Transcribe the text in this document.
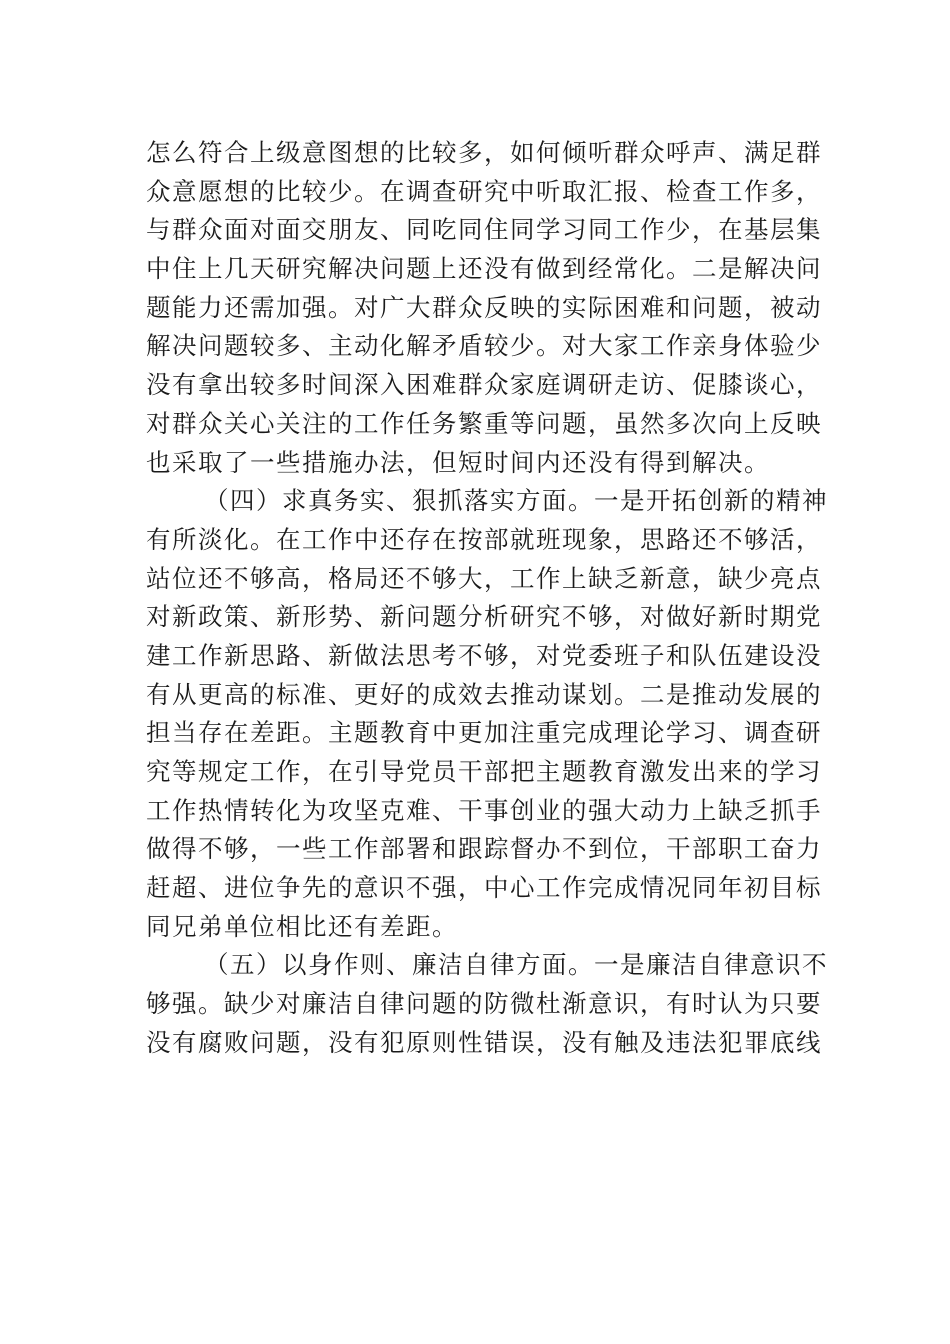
怎么符合上级意图想的比较多，如何倾听群众呼声、满足群
众意愿想的比较少。在调查研究中听取汇报、检查工作多，
与群众面对面交朋友、同吃同住同学习同工作少，在基层集
中住上几天研究解决问题上还没有做到经常化。二是解决问
题能力还需加强。对广大群众反映的实际困难和问题，被动
解决问题较多、主动化解矛盾较少。对大家工作亲身体验少
没有拿出较多时间深入困难群众家庭调研走访、促膝谈心，
对群众关心关注的工作任务繁重等问题，虽然多次向上反映
也采取了一些措施办法，但短时间内还没有得到解决。
（四）求真务实、狠抓落实方面。一是开拓创新的精神
有所淡化。在工作中还存在按部就班现象，思路还不够活，
站位还不够高，格局还不够大，工作上缺乏新意，缺少亮点
对新政策、新形势、新问题分析研究不够，对做好新时期党
建工作新思路、新做法思考不够，对党委班子和队伍建设没
有从更高的标准、更好的成效去推动谋划。二是推动发展的
担当存在差距。主题教育中更加注重完成理论学习、调查研
究等规定工作，在引导党员干部把主题教育激发出来的学习
工作热情转化为攻坚克难、干事创业的强大动力上缺乏抓手
做得不够，一些工作部署和跟踪督办不到位，干部职工奋力
赶超、进位争先的意识不强，中心工作完成情况同年初目标
同兄弟单位相比还有差距。
（五）以身作则、廉洁自律方面。一是廉洁自律意识不
够强。缺少对廉洁自律问题的防微杜渐意识，有时认为只要
没有腐败问题，没有犯原则性错误，没有触及违法犯罪底线
